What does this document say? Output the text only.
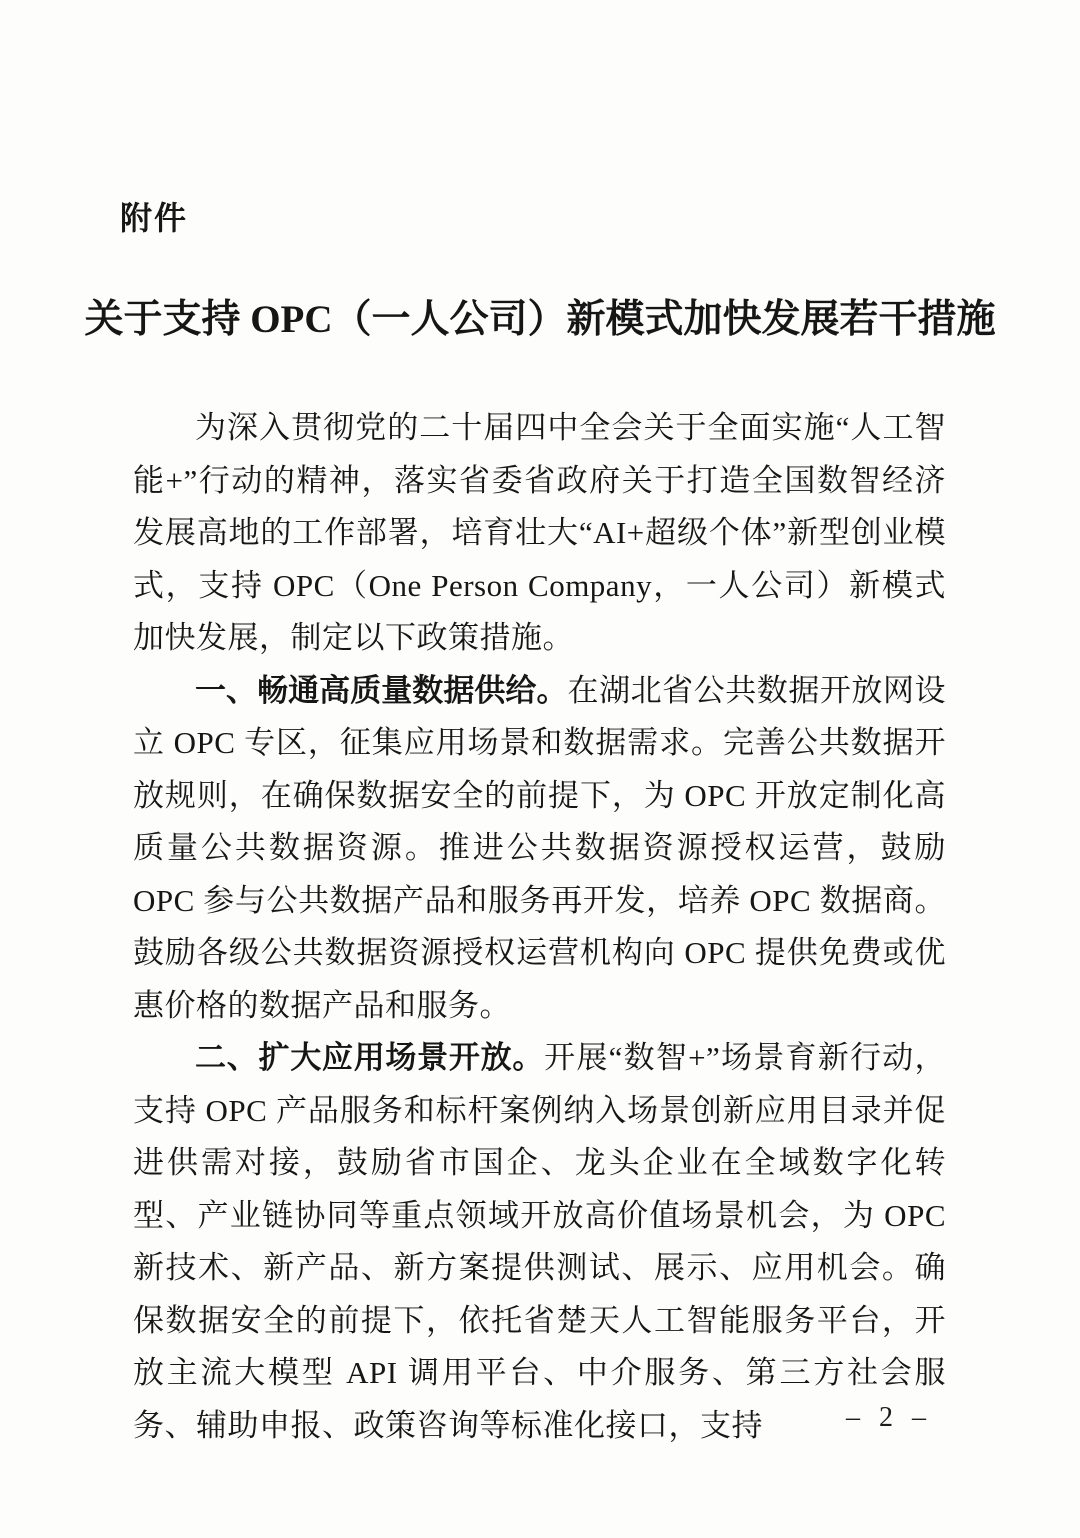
附件
关于支持 OPC（一人公司）新模式加快发展若干措施

为深入贯彻党的二十届四中全会关于全面实施“人工智能+”行动的精神，落实省委省政府关于打造全国数智经济发展高地的工作部署，培育壮大“AI+超级个体”新型创业模式，支持 OPC（One Person Company，一人公司）新模式加快发展，制定以下政策措施。

一、畅通高质量数据供给。在湖北省公共数据开放网设立 OPC 专区，征集应用场景和数据需求。完善公共数据开放规则，在确保数据安全的前提下，为 OPC 开放定制化高质量公共数据资源。推进公共数据资源授权运营，鼓励 OPC 参与公共数据产品和服务再开发，培养 OPC 数据商。鼓励各级公共数据资源授权运营机构向 OPC 提供免费或优惠价格的数据产品和服务。

二、扩大应用场景开放。开展“数智+”场景育新行动，支持 OPC 产品服务和标杆案例纳入场景创新应用目录并促进供需对接，鼓励省市国企、龙头企业在全域数字化转型、产业链协同等重点领域开放高价值场景机会，为 OPC 新技术、新产品、新方案提供测试、展示、应用机会。确保数据安全的前提下，依托省楚天人工智能服务平台，开放主流大模型 API 调用平台、中介服务、第三方社会服务、辅助申报、政策咨询等标准化接口，支持	– 2 –
